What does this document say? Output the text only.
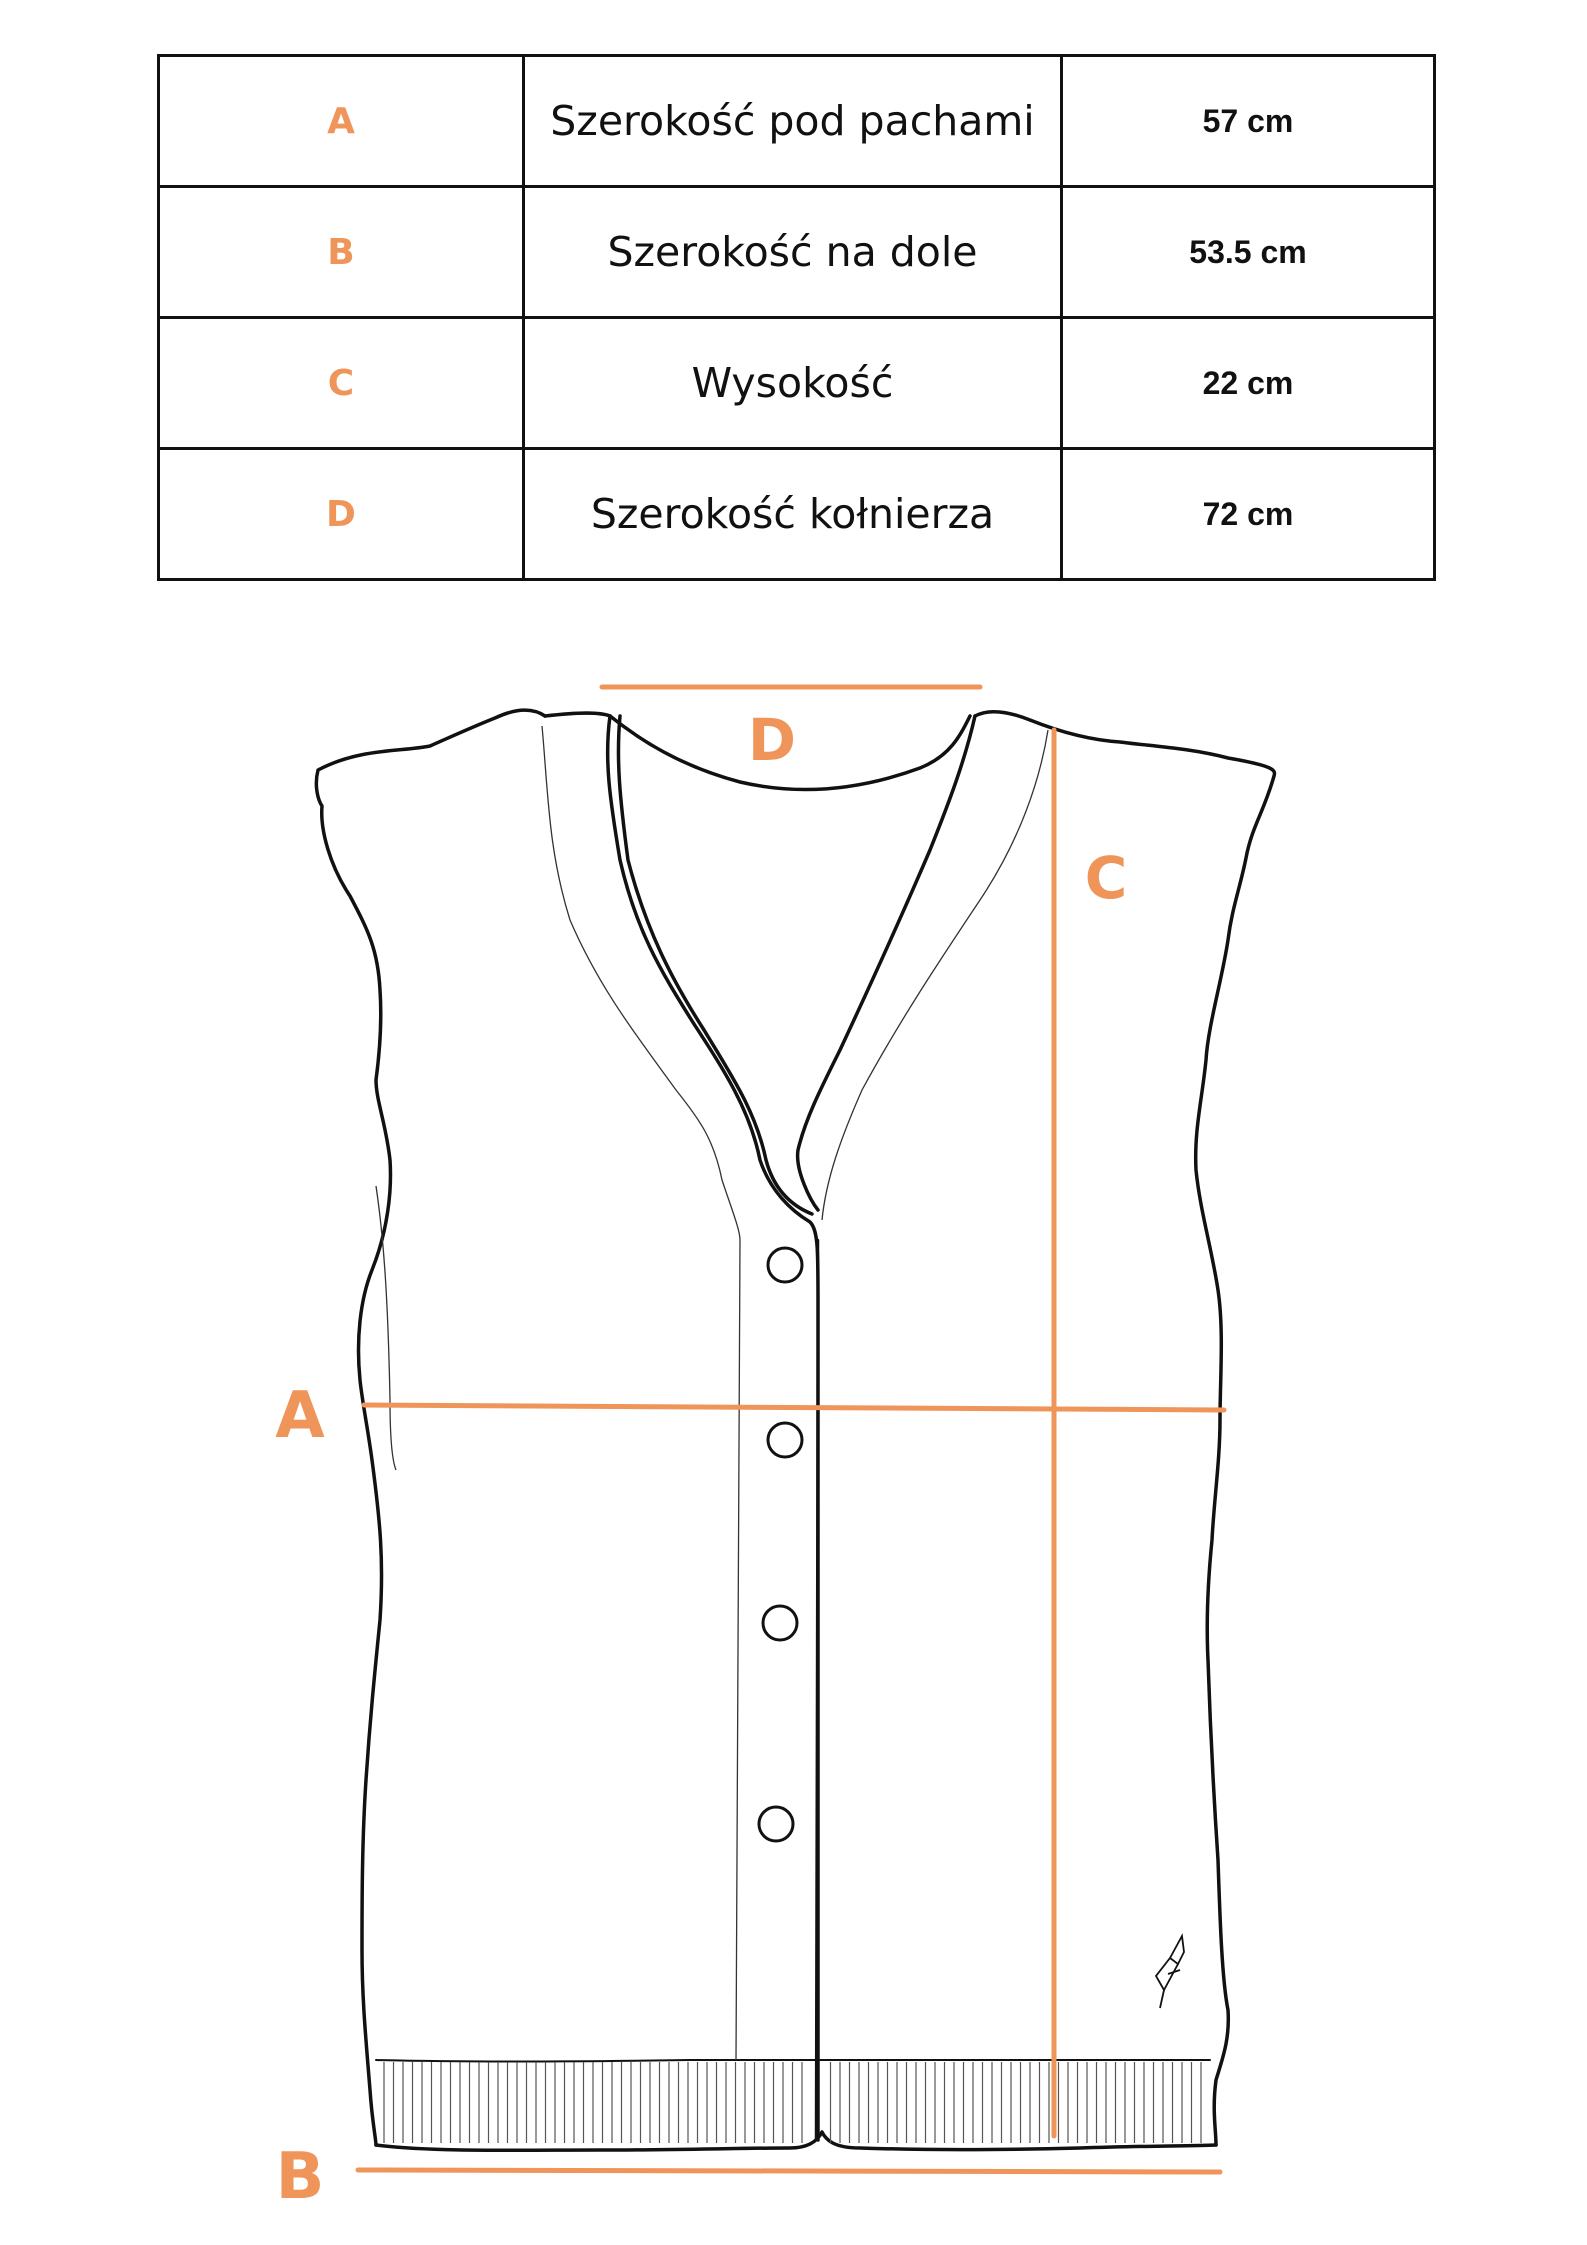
A	Szerokość pod pachami	57 cm
B	Szerokość na dole	53.5 cm
C	Wysokość	22 cm
D	Szerokość kołnierza	72 cm
D
C
A
B
